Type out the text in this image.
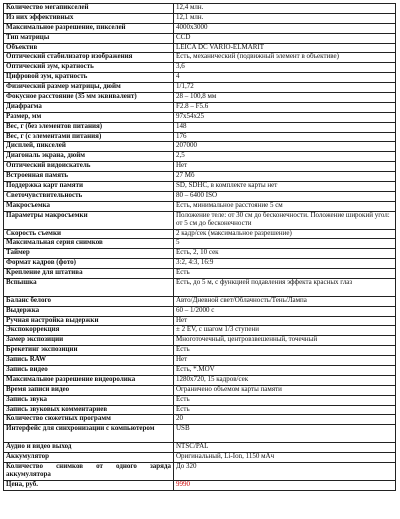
Количество мегапикселей	12,4 млн.
Из них эффективных	12,1 млн.
Максимальное разрешение, пикселей	4000x3000
Тип матрицы	CCD
Объектив	LEICA DC VARIO-ELMARIT
Оптический стабилизатор изображения	Есть, механический (подвижный элемент в объективе)
Оптический зум, кратность	3,6
Цифровой зум, кратность	4
Физический размер матрицы, дюйм	1/1,72
Фокусное расстояние (35 мм эквивалент)	28 – 100,8 мм
Диафрагма	F2.8 – F5.6
Размер, мм	97x54x25
Вес, г (без элементов питания)	148
Вес, г (с элементами питания)	176
Дисплей, пикселей	207000
Диагональ экрана, дюйм	2,5
Оптический видоискатель	Нет
Встроенная память	27 Мб
Поддержка карт памяти	SD, SDHC, в комплекте карты нет
Светочувствительность	80 – 6400 ISO
Макросъемка	Есть, минимальное расстояние 5 см
Параметры макросъемки	Положение теле: от 30 см до бесконечности. Положение широкий угол: от 5 см до бесконечности
Скорость съемки	2 кадр/сек (максимальное разрешение)
Максимальная серия снимков	5
Таймер	Есть, 2, 10 сек
Формат кадров (фото)	3:2, 4:3, 16:9
Крепление для штатива	Есть
Вспышка	Есть, до 5 м, с функцией подавления эффекта красных глаз
Баланс белого	Авто/Дневной свет/Облачность/Тень/Лампа
Выдержка	60 – 1/2000 с
Ручная настройка выдержки	Нет
Экспокоррекция	± 2 EV, с шагом 1/3 ступени
Замер экспозиции	Многоточечный, центровзвешенный, точечный
Брекетинг экспозиции	Есть
Запись RAW	Нет
Запись видео	Есть, *.MOV
Максимальное разрешение видеоролика	1280x720, 15 кадров/сек
Время записи видео	Ограничено объемом карты памяти
Запись звука	Есть
Запись звуковых комментариев	Есть
Количество сюжетных программ	20
Интерфейс для синхронизации с компьютером	USB
Аудио и видео выход	NTSC/PAL
Аккумулятор	Оригинальный, Li-Ion, 1150 мАч
Количество снимков от одного заряда аккумулятора	До 320
Цена, руб.	9990
